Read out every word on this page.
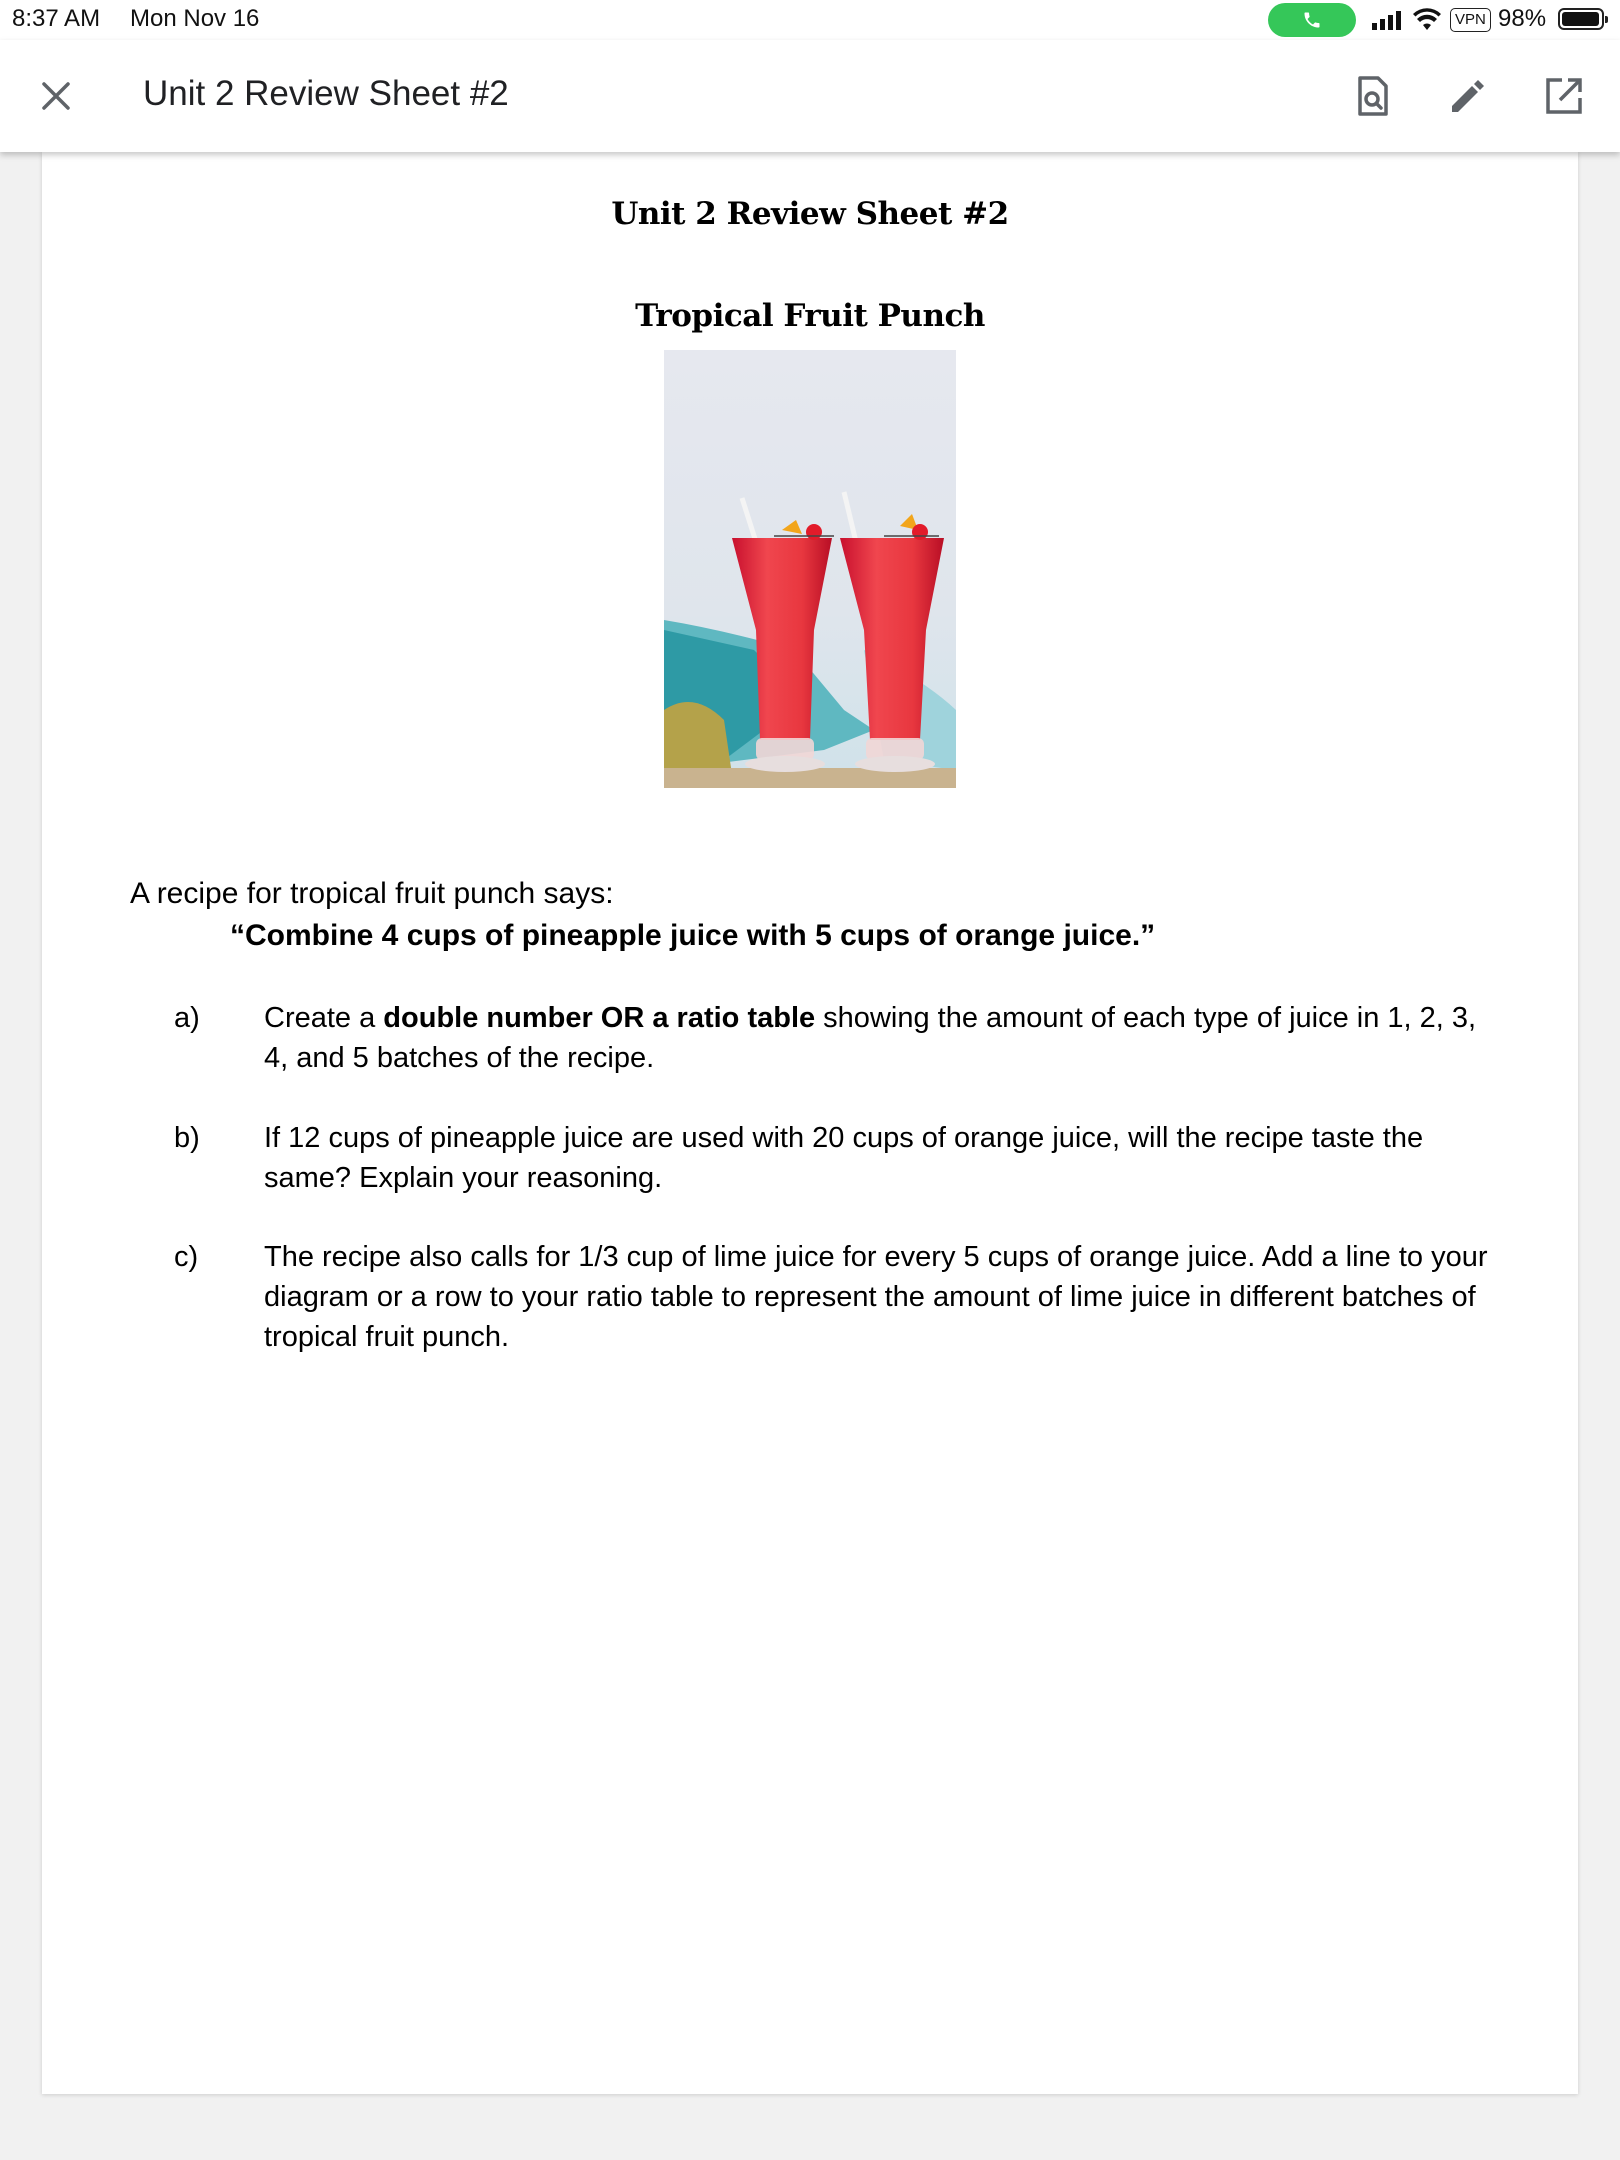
8:37 AM Mon Nov 16	VPN 98%
Unit 2 Review Sheet #2
Unit 2 Review Sheet #2
Tropical Fruit Punch
A recipe for tropical fruit punch says:
“Combine 4 cups of pineapple juice with 5 cups of orange juice.”
a) Create a double number OR a ratio table showing the amount of each type of juice in 1, 2, 3, 4, and 5 batches of the recipe.
b) If 12 cups of pineapple juice are used with 20 cups of orange juice, will the recipe taste the same? Explain your reasoning.
c) The recipe also calls for 1/3 cup of lime juice for every 5 cups of orange juice. Add a line to your diagram or a row to your ratio table to represent the amount of lime juice in different batches of tropical fruit punch.
